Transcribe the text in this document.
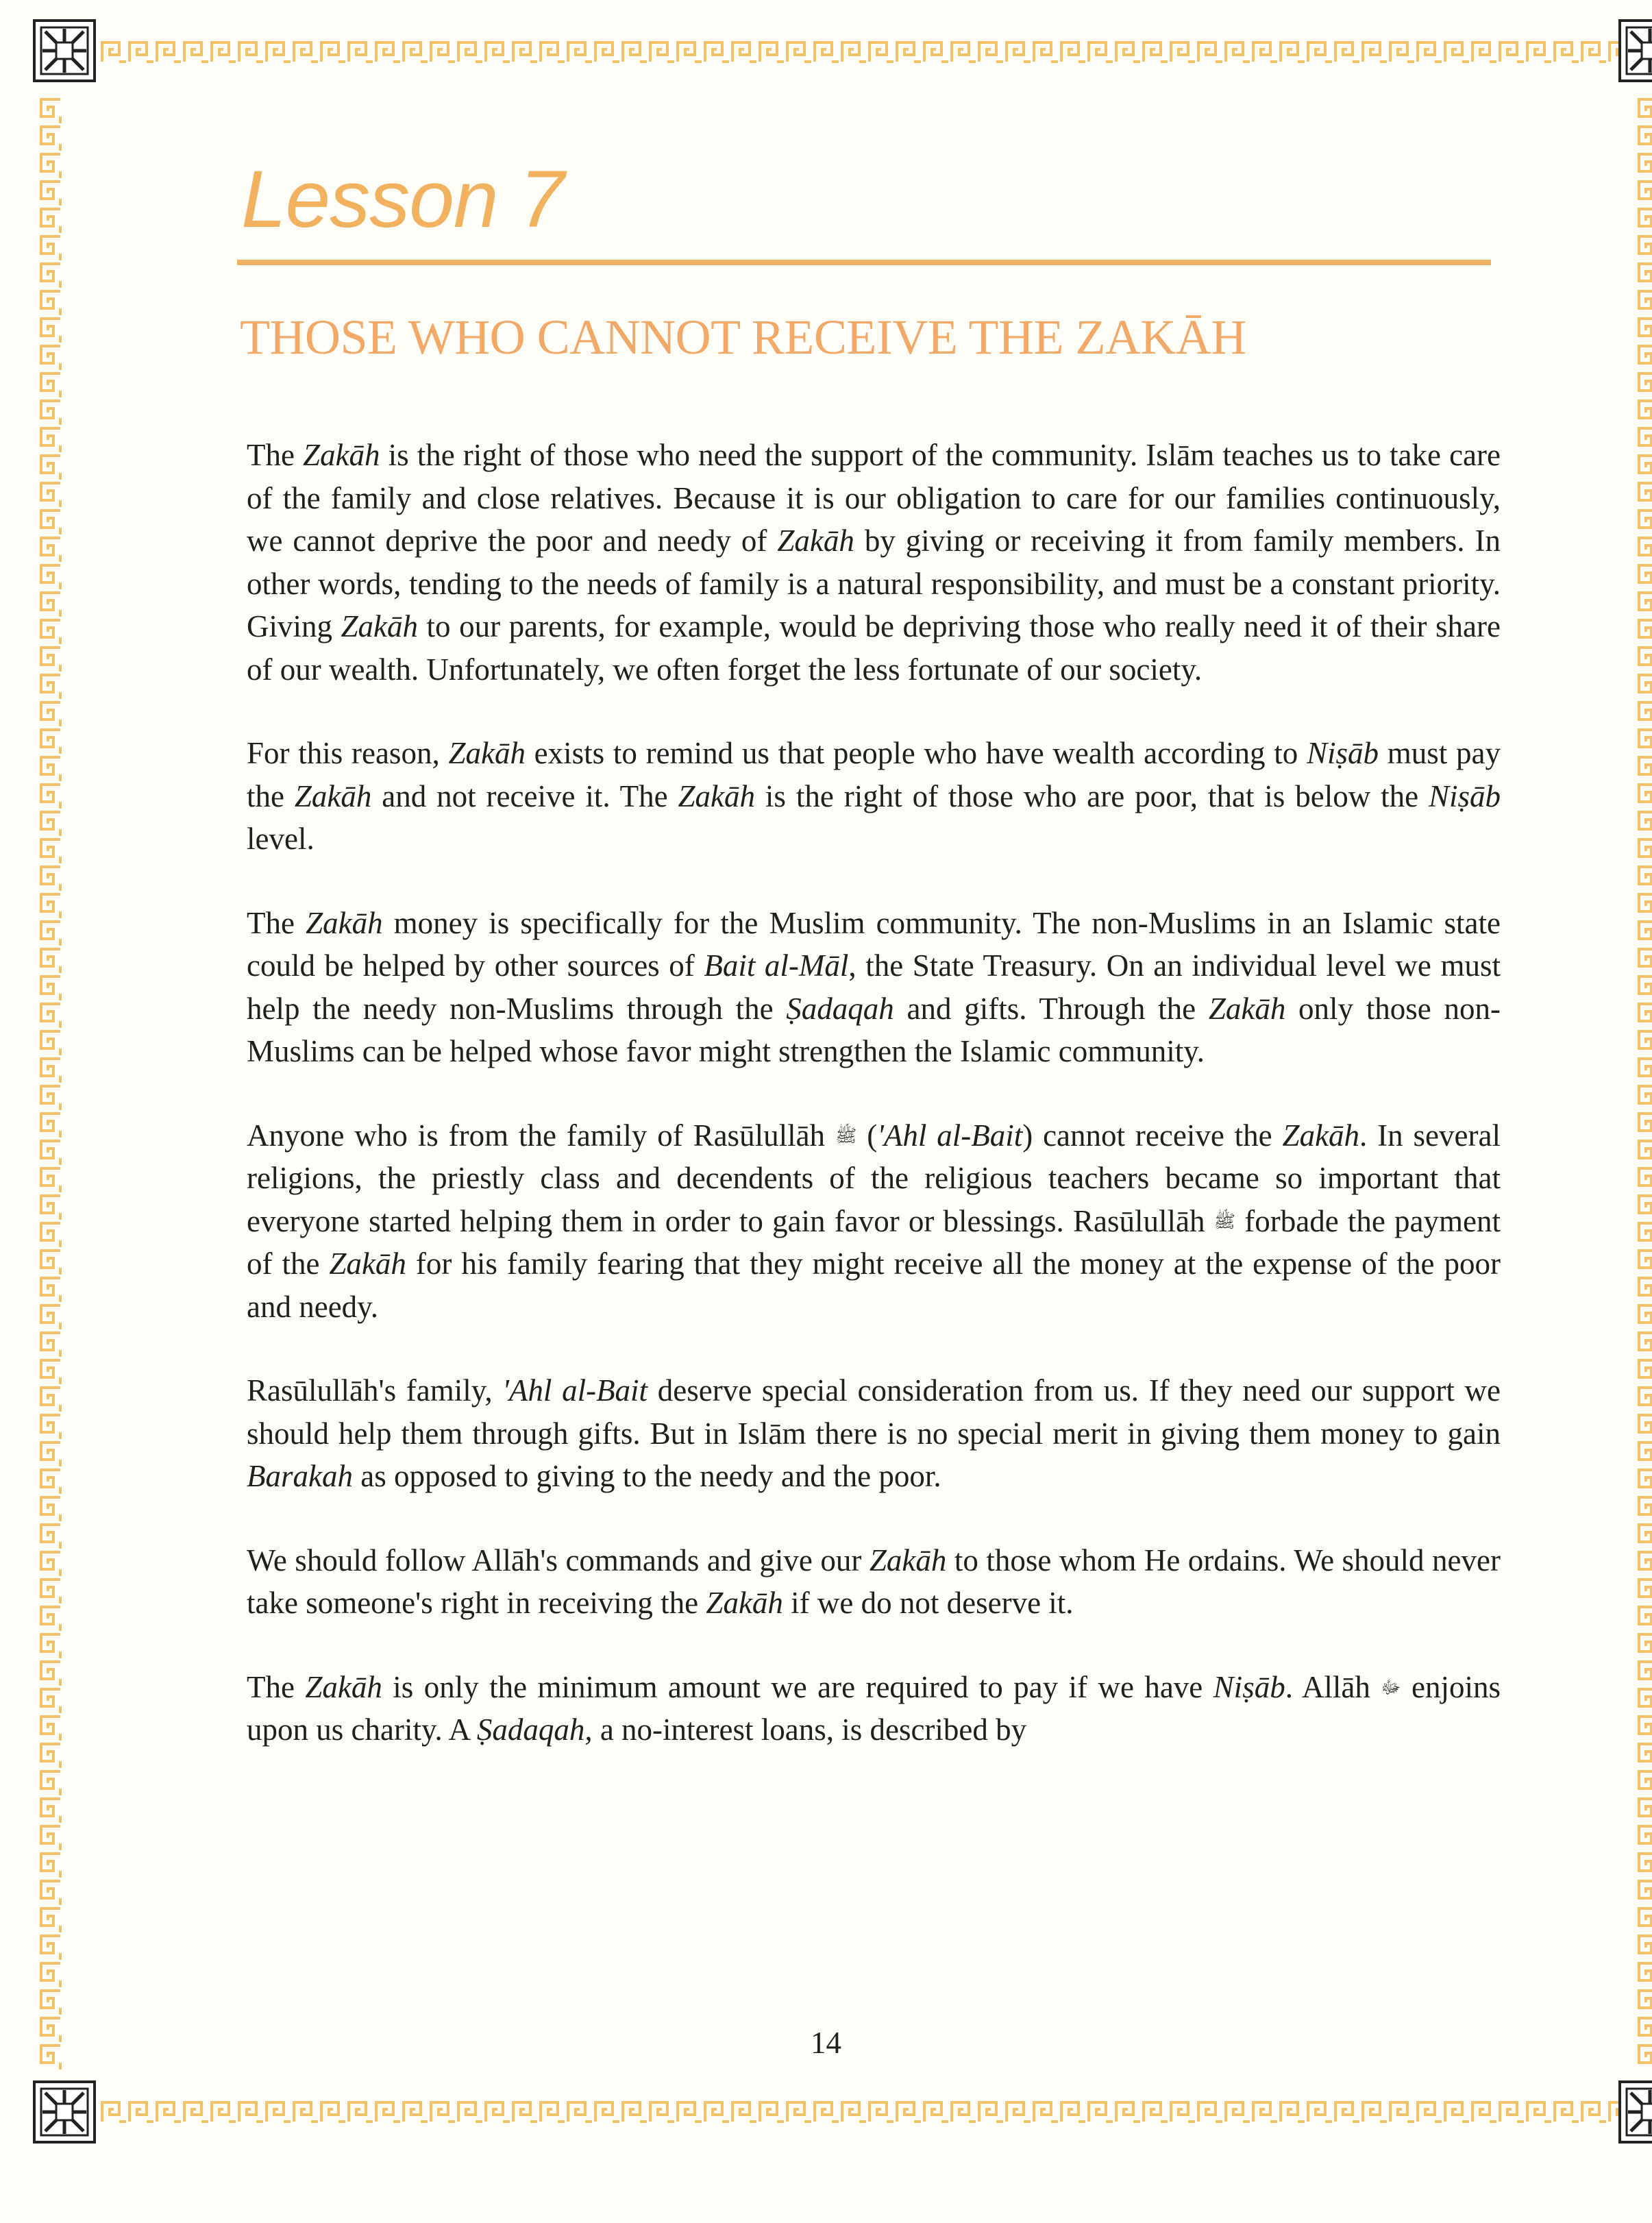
Lesson 7
THOSE WHO CANNOT RECEIVE THE ZAKĀH

The Zakāh is the right of those who need the support of the community. Islām teaches us to take care of the family and close relatives. Because it is our obligation to care for our families continuously, we cannot deprive the poor and needy of Zakāh by giving or receiving it from family members. In other words, tending to the needs of family is a natural responsibility, and must be a constant priority. Giving Zakāh to our parents, for example, would be depriving those who really need it of their share of our wealth. Unfortunately, we often forget the less fortunate of our society.

For this reason, Zakāh exists to remind us that people who have wealth according to Niṣāb must pay the Zakāh and not receive it. The Zakāh is the right of those who are poor, that is below the Niṣāb level.

The Zakāh money is specifically for the Muslim community. The non-Muslims in an Islamic state could be helped by other sources of Bait al-Māl, the State Treasury. On an individual level we must help the needy non-Muslims through the Ṣadaqah and gifts. Through the Zakāh only those non-Muslims can be helped whose favor might strengthen the Islamic community.

Anyone who is from the family of Rasūlullāh ﷺ ('Ahl al-Bait) cannot receive the Zakāh. In several religions, the priestly class and decendents of the religious teachers became so important that everyone started helping them in order to gain favor or blessings. Rasūlullāh ﷺ forbade the payment of the Zakāh for his family fearing that they might receive all the money at the expense of the poor and needy.

Rasūlullāh's family, 'Ahl al-Bait deserve special consideration from us. If they need our support we should help them through gifts. But in Islām there is no special merit in giving them money to gain Barakah as opposed to giving to the needy and the poor.

We should follow Allāh's commands and give our Zakāh to those whom He ordains. We should never take someone's right in receiving the Zakāh if we do not deserve it.

The Zakāh is only the minimum amount we are required to pay if we have Niṣāb. Allāh ﷻ enjoins upon us charity. A Ṣadaqah, a no-interest loans, is described by

14
